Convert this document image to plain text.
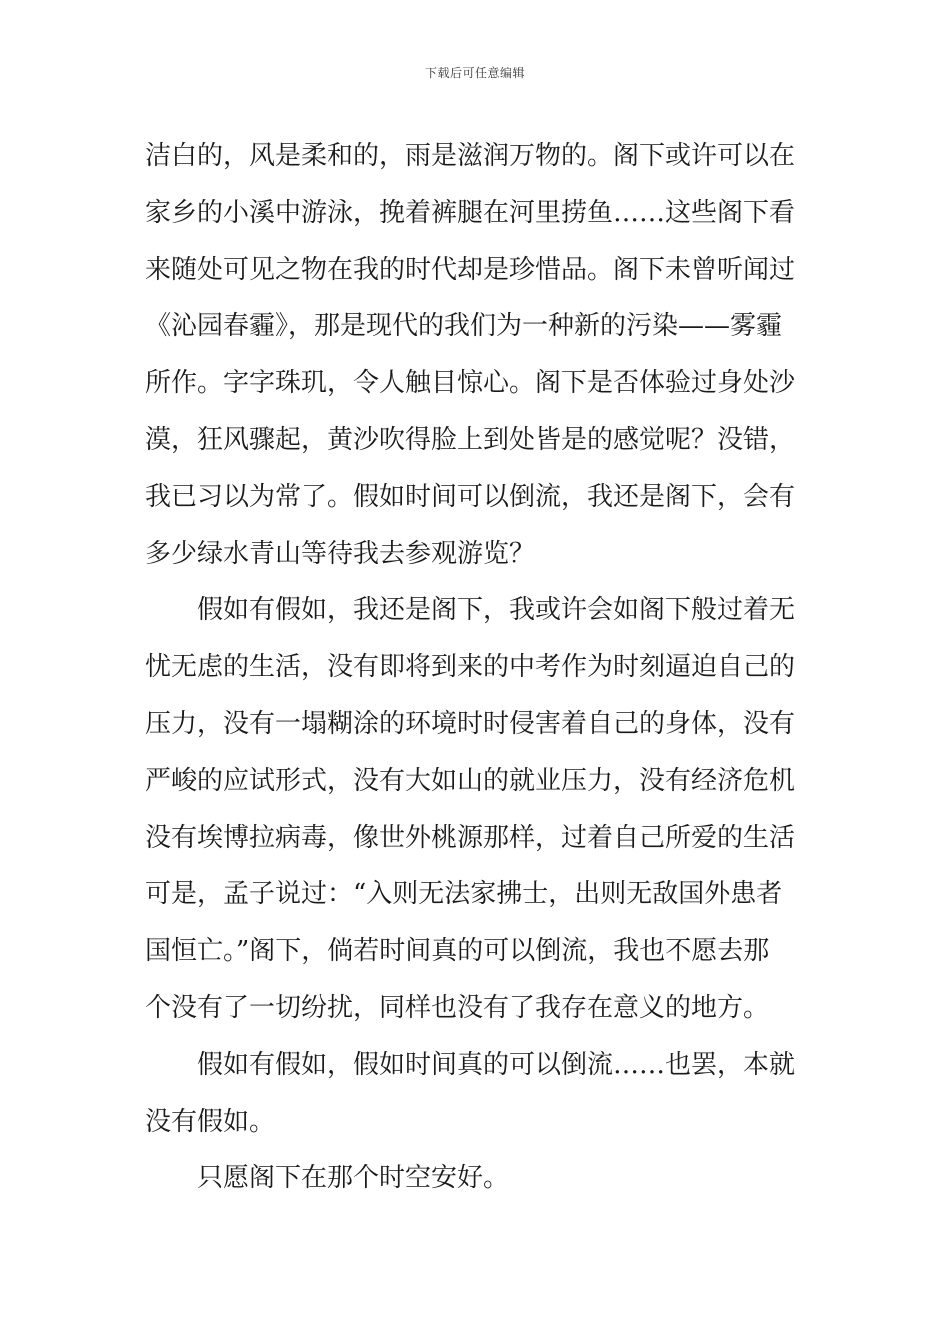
下载后可任意编辑
洁白的，风是柔和的，雨是滋润万物的。阁下或许可以在
家乡的小溪中游泳，挽着裤腿在河里捞鱼……这些阁下看
来随处可见之物在我的时代却是珍惜品。阁下未曾听闻过
《沁园春霾》，那是现代的我们为一种新的污染——雾霾
所作。字字珠玑，令人触目惊心。阁下是否体验过身处沙
漠，狂风骤起，黄沙吹得脸上到处皆是的感觉呢？没错，
我已习以为常了。假如时间可以倒流，我还是阁下，会有
多少绿水青山等待我去参观游览？
假如有假如，我还是阁下，我或许会如阁下般过着无
忧无虑的生活，没有即将到来的中考作为时刻逼迫自己的
压力，没有一塌糊涂的环境时时侵害着自己的身体，没有
严峻的应试形式，没有大如山的就业压力，没有经济危机
没有埃博拉病毒，像世外桃源那样，过着自己所爱的生活
可是，孟子说过：“入则无法家拂士，出则无敌国外患者
国恒亡。”阁下，倘若时间真的可以倒流，我也不愿去那
个没有了一切纷扰，同样也没有了我存在意义的地方。
假如有假如，假如时间真的可以倒流……也罢，本就
没有假如。
只愿阁下在那个时空安好。
